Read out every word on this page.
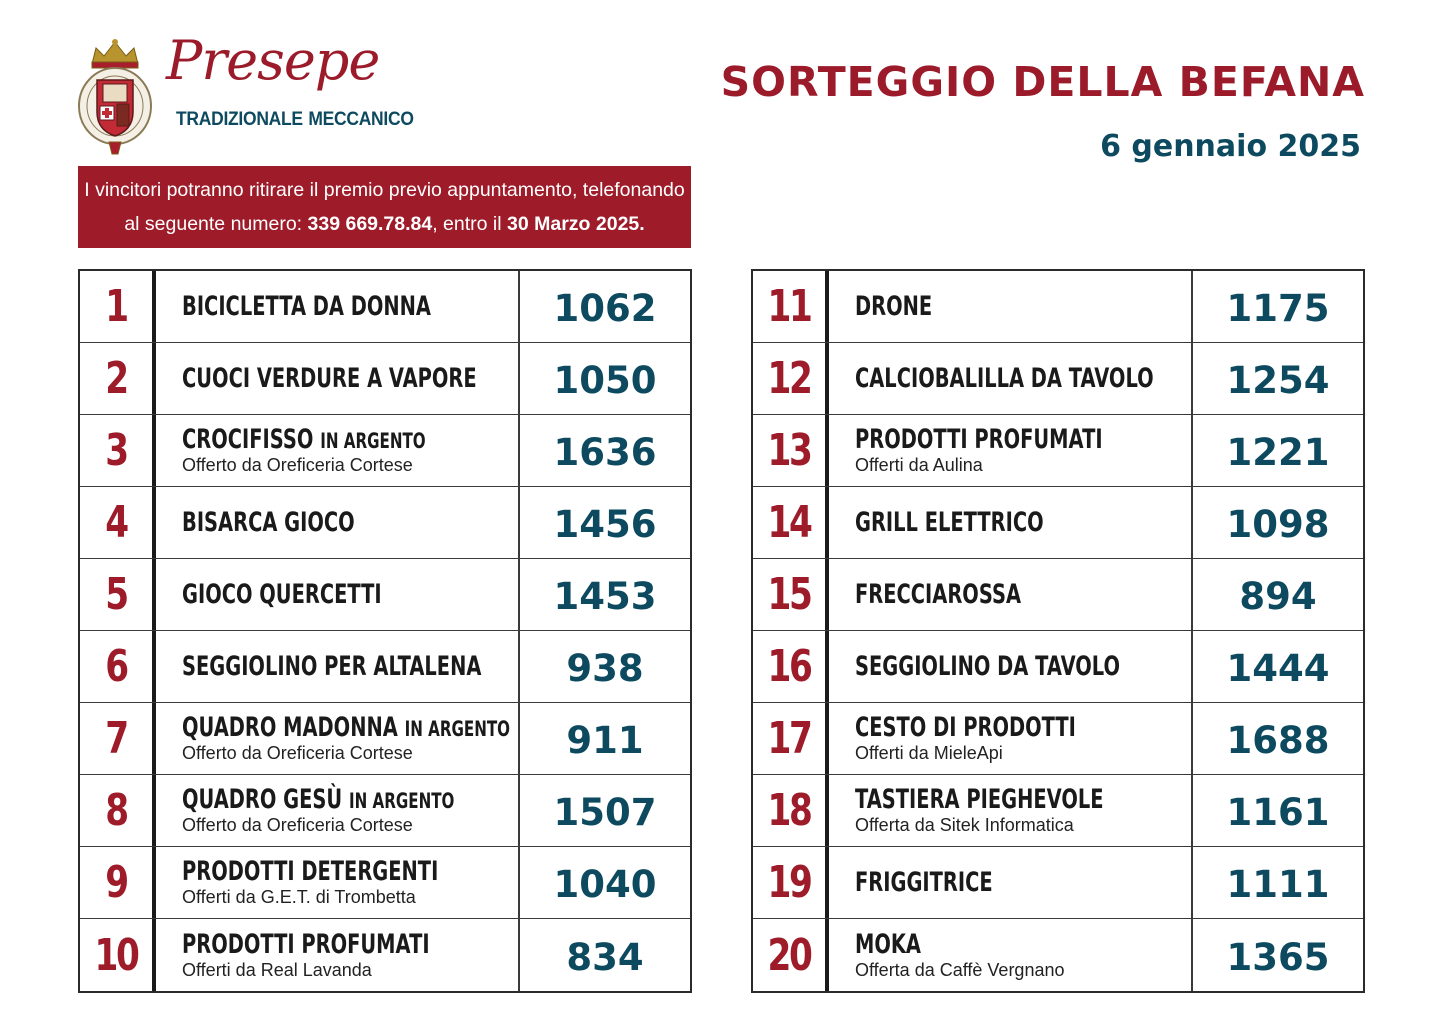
Presepe
TRADIZIONALE MECCANICO
SORTEGGIO DELLA BEFANA
6 gennaio 2025
I vincitori potranno ritirare il premio previo appuntamento, telefonando
al seguente numero: 339 669.78.84, entro il 30 Marzo 2025.
1	BICICLETTA DA DONNA	1062
2	CUOCI VERDURE A VAPORE	1050
3	CROCIFISSO IN ARGENTO
Offerto da Oreficeria Cortese	1636
4	BISARCA GIOCO	1456
5	GIOCO QUERCETTI	1453
6	SEGGIOLINO PER ALTALENA	938
7	QUADRO MADONNA IN ARGENTO
Offerto da Oreficeria Cortese	911
8	QUADRO GESÙ IN ARGENTO
Offerto da Oreficeria Cortese	1507
9	PRODOTTI DETERGENTI
Offerti da G.E.T. di Trombetta	1040
10 PRODOTTI PROFUMATI
Offerti da Real Lavanda	834
11 DRONE	1175
12 CALCIOBALILLA DA TAVOLO	1254
13 PRODOTTI PROFUMATI
Offerti da Aulina	1221
14 GRILL ELETTRICO	1098
15 FRECCIAROSSA	894
16 SEGGIOLINO DA TAVOLO	1444
17 CESTO DI PRODOTTI
Offerti da MieleApi	1688
18 TASTIERA PIEGHEVOLE
Offerta da Sitek Informatica	1161
19 FRIGGITRICE	1111
20 MOKA
Offerta da Caffè Vergnano	1365
